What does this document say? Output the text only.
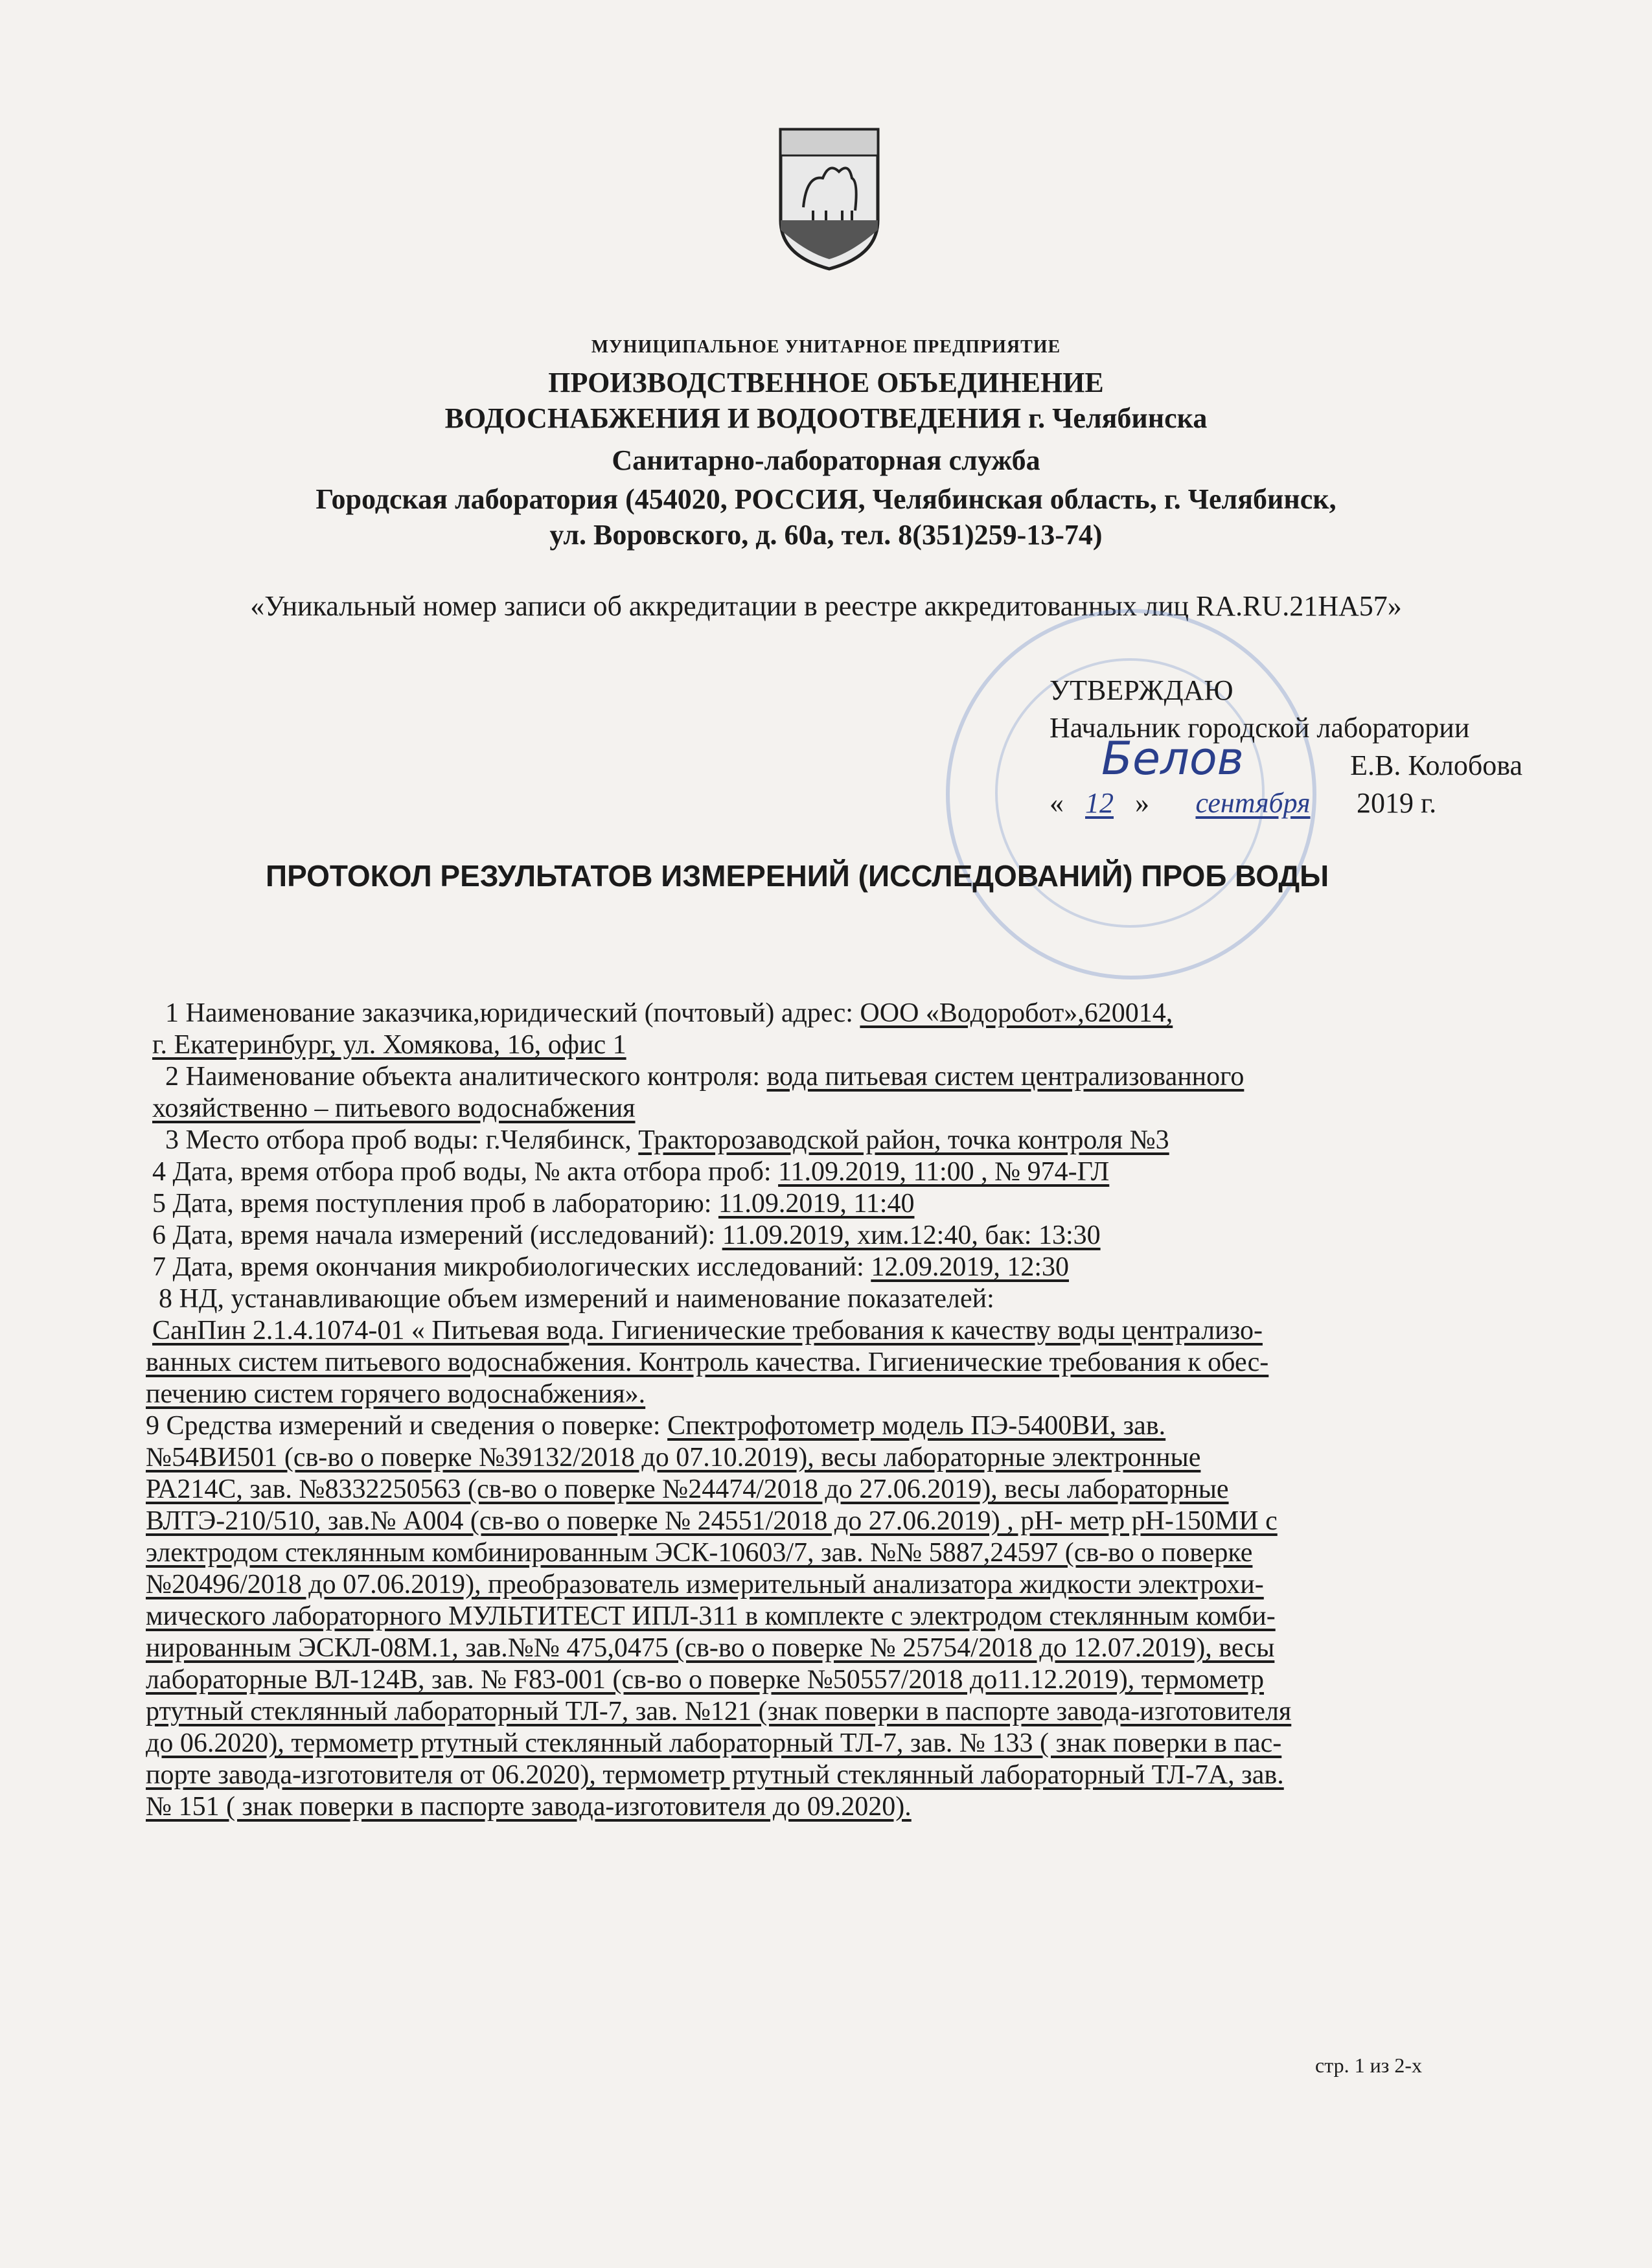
МУНИЦИПАЛЬНОЕ УНИТАРНОЕ ПРЕДПРИЯТИЕ
ПРОИЗВОДСТВЕННОЕ ОБЪЕДИНЕНИЕ
ВОДОСНАБЖЕНИЯ И ВОДООТВЕДЕНИЯ г. Челябинска
Санитарно-лабораторная служба
Городская лаборатория (454020, РОССИЯ, Челябинская область, г. Челябинск,
ул. Воровского, д. 60а, тел. 8(351)259-13-74)
«Уникальный номер записи об аккредитации в реестре аккредитованных лиц RA.RU.21НА57»
УТВЕРЖДАЮ
Начальник городской лаборатории
Е.В. Колобова
« 12 » сентября 2019 г.
Белов
ПРОТОКОЛ РЕЗУЛЬТАТОВ ИЗМЕРЕНИЙ (ИССЛЕДОВАНИЙ) ПРОБ ВОДЫ

1 Наименование заказчика,юридический (почтовый) адрес: ООО «Водоробот»,620014,

г. Екатеринбург, ул. Хомякова, 16, офис 1

2 Наименование объекта аналитического контроля: вода питьевая систем централизованного

хозяйственно – питьевого водоснабжения

3 Место отбора проб воды: г.Челябинск, Тракторозаводской район, точка контроля №3

4 Дата, время отбора проб воды, № акта отбора проб: 11.09.2019, 11:00 , № 974-ГЛ

5 Дата, время поступления проб в лабораторию: 11.09.2019, 11:40

6 Дата, время начала измерений (исследований): 11.09.2019, хим.12:40, бак: 13:30

7 Дата, время окончания микробиологических исследований: 12.09.2019, 12:30

8 НД, устанавливающие объем измерений и наименование показателей:

СанПин 2.1.4.1074-01 « Питьевая вода. Гигиенические требования к качеству воды централизо-

ванных систем питьевого водоснабжения. Контроль качества. Гигиенические требования к обес-

печению систем горячего водоснабжения».

9 Средства измерений и сведения о поверке: Спектрофотометр модель ПЭ-5400ВИ, зав.

№54ВИ501 (св-во о поверке №39132/2018 до 07.10.2019), весы лабораторные электронные

РА214С, зав. №8332250563 (св-во о поверке №24474/2018 до 27.06.2019), весы лабораторные

ВЛТЭ-210/510, зав.№ А004 (св-во о поверке № 24551/2018 до 27.06.2019) , рН- метр рН-150МИ с

электродом стеклянным комбинированным ЭСК-10603/7, зав. №№ 5887,24597 (св-во о поверке

№20496/2018 до 07.06.2019), преобразователь измерительный анализатора жидкости электрохи-

мического лабораторного МУЛЬТИТЕСТ ИПЛ-311 в комплекте с электродом стеклянным комби-

нированным ЭСКЛ-08М.1, зав.№№ 475,0475 (св-во о поверке № 25754/2018 до 12.07.2019), весы

лабораторные ВЛ-124В, зав. № F83-001 (св-во о поверке №50557/2018 до11.12.2019), термометр

ртутный стеклянный лабораторный ТЛ-7, зав. №121 (знак поверки в паспорте завода-изготовителя

до 06.2020), термометр ртутный стеклянный лабораторный ТЛ-7, зав. № 133 ( знак поверки в пас-

порте завода-изготовителя от 06.2020), термометр ртутный стеклянный лабораторный ТЛ-7А, зав.

№ 151 ( знак поверки в паспорте завода-изготовителя до 09.2020).

стр. 1 из 2-х
